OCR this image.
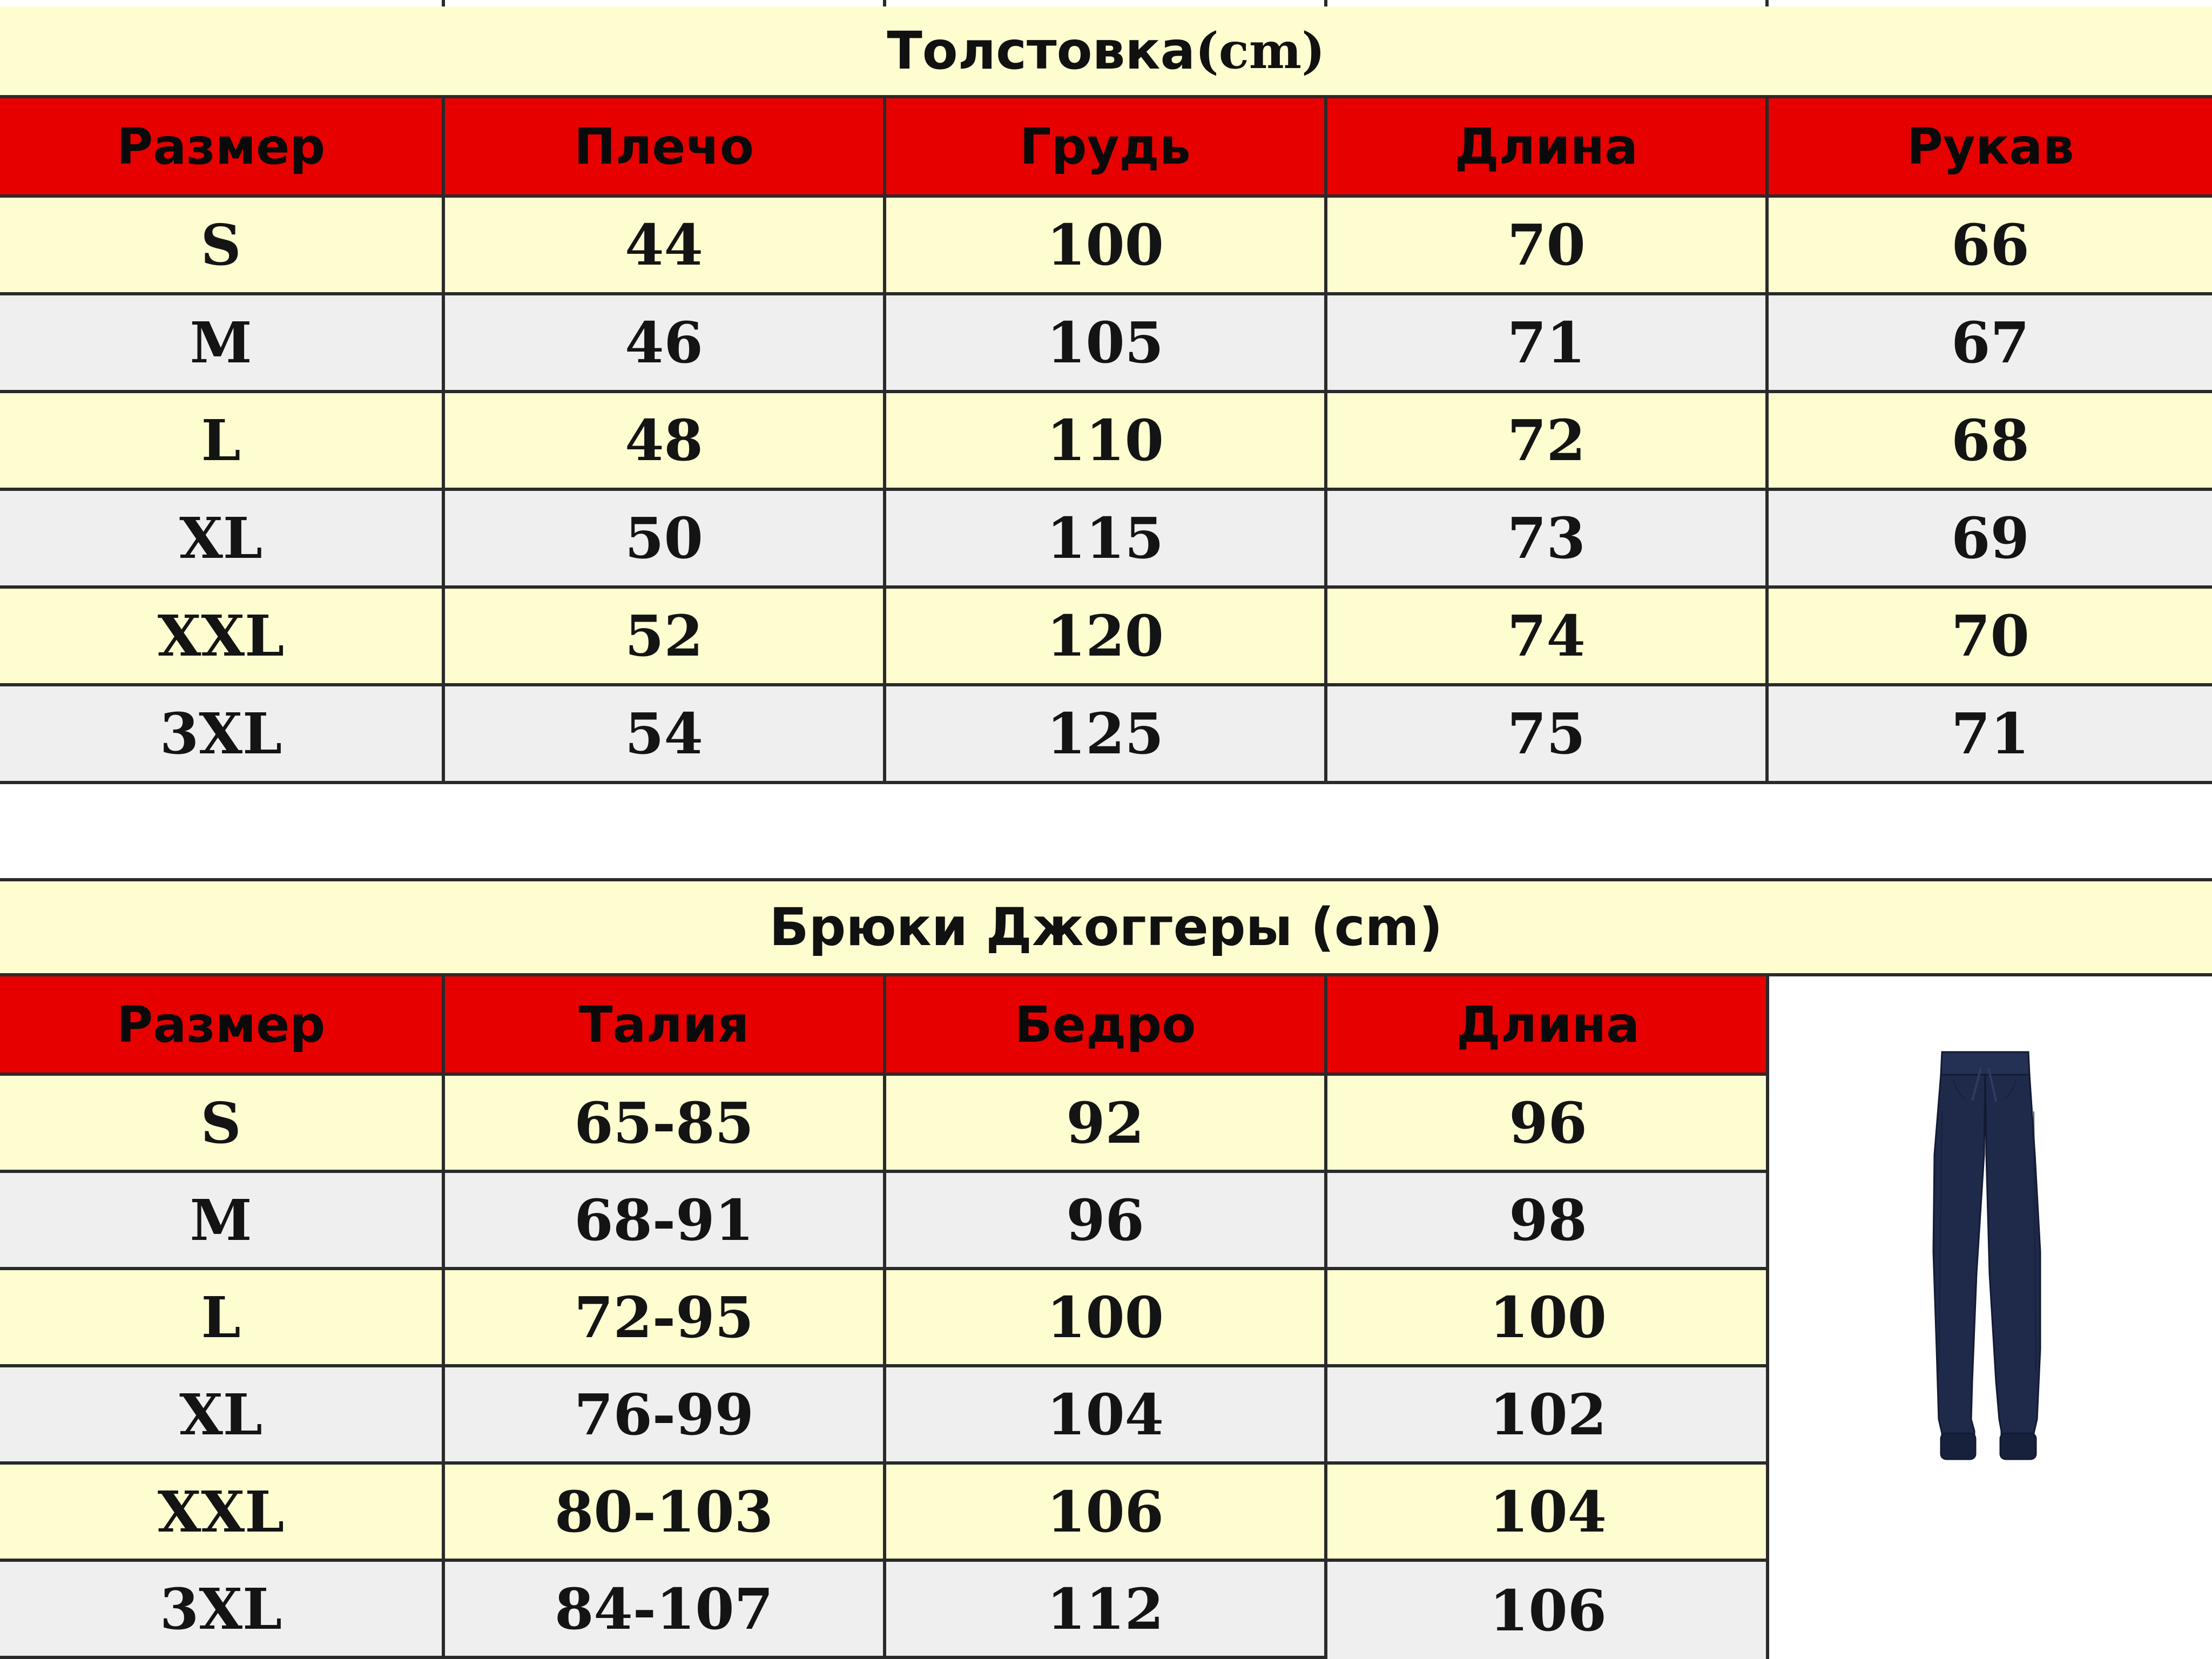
Толстовка (cm)
Размер	Плечо	Грудь	Длина	Рукав
S	44	100	70	66
M	46	105	71	67
L	48	110	72	68
XL	50	115	73	69
XXL	52	120	74	70
3XL	54	125	75	71
Брюки Джоггеры (cm)
Размер	Талия	Бедро	Длина
S	65-85	92	96
M	68-91	96	98
L	72-95	100	100
XL	76-99	104	102
XXL	80-103	106	104
3XL	84-107	112	106
